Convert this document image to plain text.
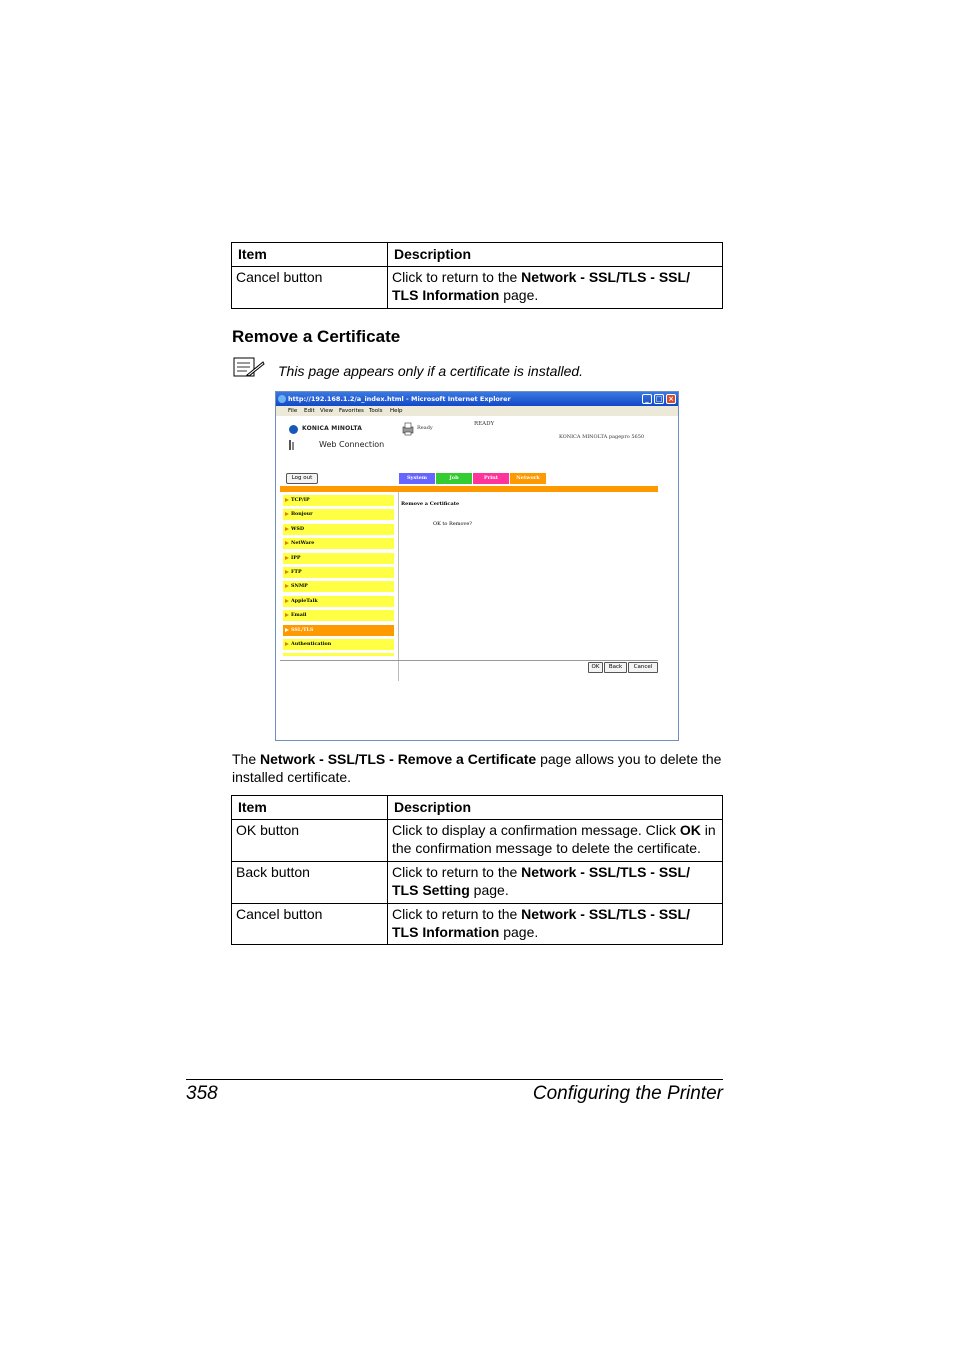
Item	Description
Cancel button	Click to return to the Network - SSL/TLS - SSL/ TLS Information page.
Remove a Certificate
This page appears only if a certificate is installed.
http://192.168.1.2/a_index.html - Microsoft Internet Explorer	_ □ ×
File Edit View Favorites Tools Help
KONICA MINOLTA
Web Connection
Ready
READY
KONICA MINOLTA pagepro 5650
Log out	System	Job	Print	Network
TCP/IP
Bonjour
WSD
NetWare
IPP
FTP
SNMP
AppleTalk
Email
SSL/TLS
Authentication
Remove a Certificate
OK to Remove?
OK	Back	Cancel
The Network - SSL/TLS - Remove a Certificate page allows you to delete the installed certificate.
Item	Description
OK button	Click to display a confirmation message. Click OK in the confirmation message to delete the certificate.
Back button	Click to return to the Network - SSL/TLS - SSL/ TLS Setting page.
Cancel button	Click to return to the Network - SSL/TLS - SSL/ TLS Information page.
358	Configuring the Printer
